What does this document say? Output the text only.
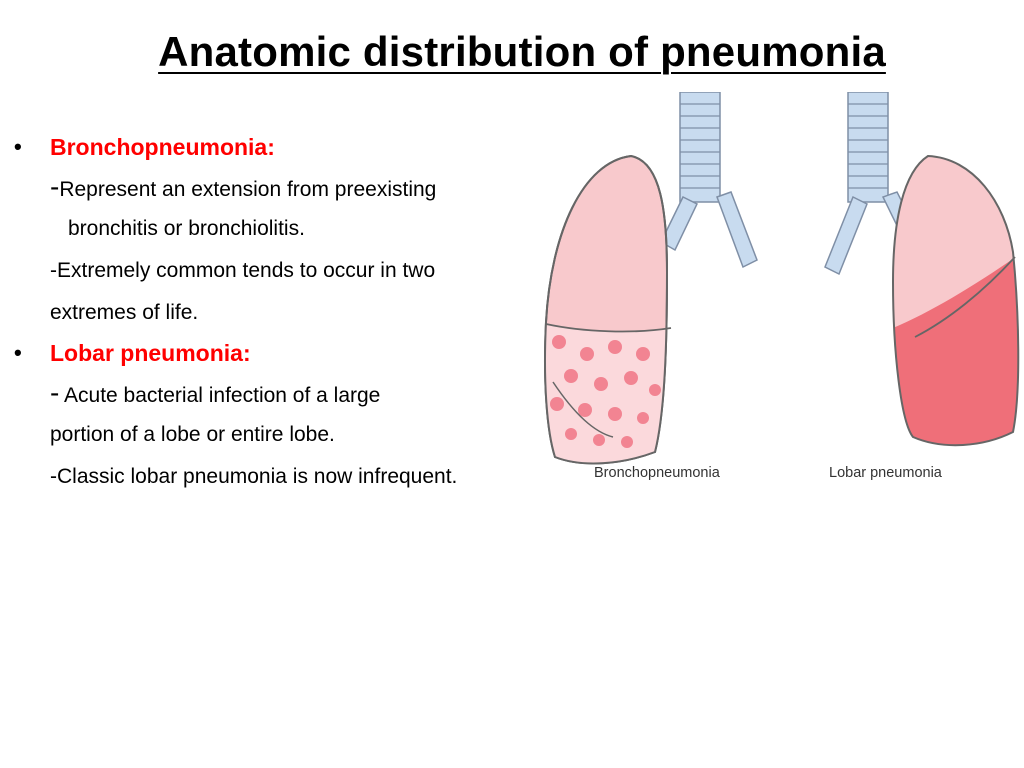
Anatomic distribution of pneumonia
•	Bronchopneumonia:
-Represent an extension from preexisting
bronchitis or bronchiolitis.
-Extremely common tends to occur in two
extremes of life.
•	Lobar pneumonia:
- Acute bacterial infection of a large
portion of a lobe or entire lobe.
-Classic lobar pneumonia is now infrequent.	Bronchopneumonia	Lobar pneumonia
